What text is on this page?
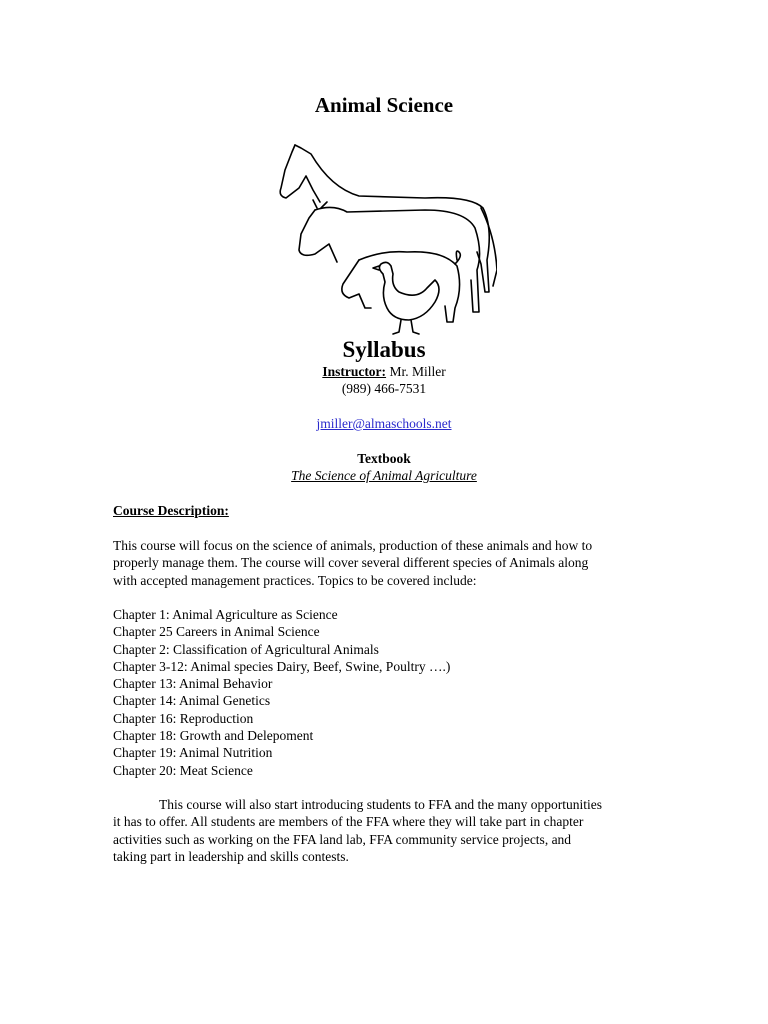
Animal Science
Syllabus
Instructor: Mr. Miller
(989) 466-7531
jmiller@almaschools.net
Textbook
The Science of Animal Agriculture
Course Description:
This course will focus on the science of animals, production of these animals and how to
properly manage them. The course will cover several different species of Animals along
with accepted management practices. Topics to be covered include:
Chapter 1: Animal Agriculture as Science
Chapter 25 Careers in Animal Science
Chapter 2: Classification of Agricultural Animals
Chapter 3-12: Animal species Dairy, Beef, Swine, Poultry ….)
Chapter 13: Animal Behavior
Chapter 14: Animal Genetics
Chapter 16: Reproduction
Chapter 18: Growth and Delepoment
Chapter 19: Animal Nutrition
Chapter 20: Meat Science
This course will also start introducing students to FFA and the many opportunities
it has to offer. All students are members of the FFA where they will take part in chapter
activities such as working on the FFA land lab, FFA community service projects, and
taking part in leadership and skills contests.
